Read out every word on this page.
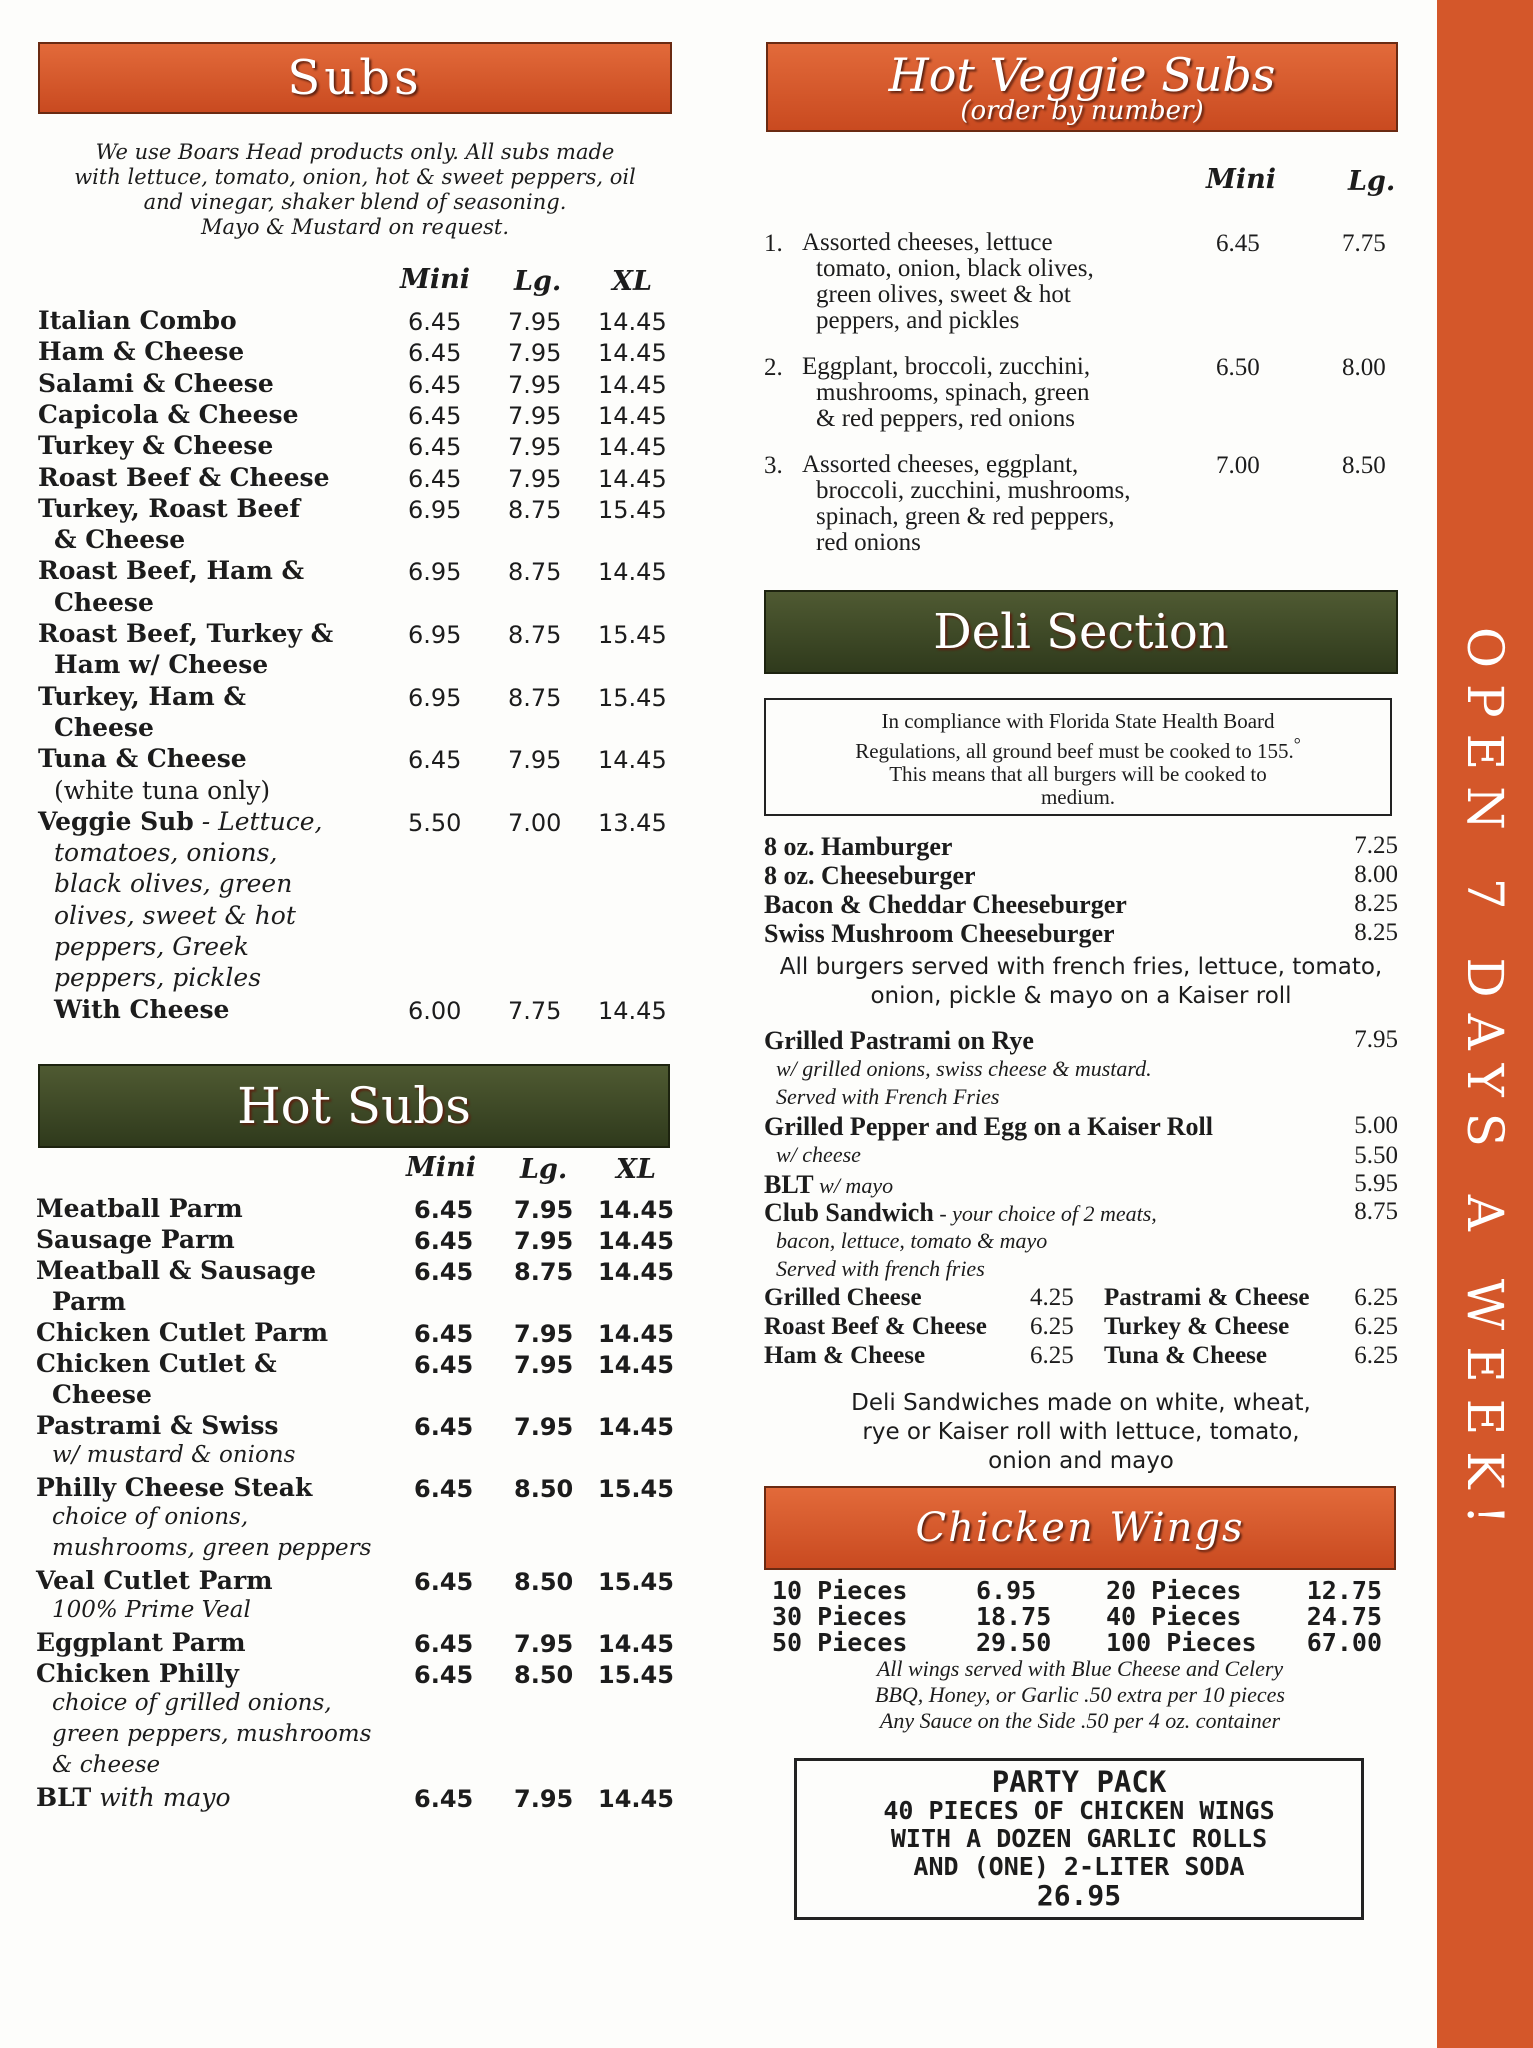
OPEN 7 DAYS A WEEK!
Subs
We use Boars Head products only. All subs made
with lettuce, tomato, onion, hot & sweet peppers, oil
and vinegar, shaker blend of seasoning.
Mayo & Mustard on request.
Mini Lg. XL
Italian Combo	6.45 7.95 14.45
Ham & Cheese	6.45 7.95 14.45
Salami & Cheese	6.45 7.95 14.45
Capicola & Cheese	6.45 7.95 14.45
Turkey & Cheese	6.45 7.95 14.45
Roast Beef & Cheese	6.45 7.95 14.45
Turkey, Roast Beef	6.95 8.75 15.45
& Cheese
Roast Beef, Ham &	6.95 8.75 14.45
Cheese
Roast Beef, Turkey &	6.95 8.75 15.45
Ham w/ Cheese
Turkey, Ham &	6.95 8.75 15.45
Cheese
Tuna & Cheese	6.45 7.95 14.45
(white tuna only)
Veggie Sub - Lettuce,	5.50 7.00 13.45
tomatoes, onions,
black olives, green
olives, sweet & hot
peppers, Greek
peppers, pickles
With Cheese	6.00 7.75 14.45
Hot Subs
Mini Lg. XL
Meatball Parm	6.45 7.95 14.45
Sausage Parm	6.45 7.95 14.45
Meatball & Sausage	6.45 8.75 14.45
Parm
Chicken Cutlet Parm	6.45 7.95 14.45
Chicken Cutlet &	6.45 7.95 14.45
Cheese
Pastrami & Swiss	6.45 7.95 14.45
w/ mustard & onions
Philly Cheese Steak	6.45 8.50 15.45
choice of onions,
mushrooms, green peppers
Veal Cutlet Parm	6.45 8.50 15.45
100% Prime Veal
Eggplant Parm	6.45 7.95 14.45
Chicken Philly	6.45 8.50 15.45
choice of grilled onions,
green peppers, mushrooms
& cheese
BLT with mayo	6.45 7.95 14.45
Hot Veggie Subs
(order by number)
Mini	Lg.
1. Assorted cheeses, lettuce
tomato, onion, black olives,
green olives, sweet & hot
peppers, and pickles
6.45	7.75
2. Eggplant, broccoli, zucchini,
mushrooms, spinach, green
& red peppers, red onions
6.50	8.00
3. Assorted cheeses, eggplant,
broccoli, zucchini, mushrooms,
spinach, green & red peppers,
red onions
7.00	8.50
Deli Section
In compliance with Florida State Health Board
Regulations, all ground beef must be cooked to 155.°
This means that all burgers will be cooked to
medium.
8 oz. Hamburger	7.25
8 oz. Cheeseburger	8.00
Bacon & Cheddar Cheeseburger	8.25
Swiss Mushroom Cheeseburger	8.25
All burgers served with french fries, lettuce, tomato,
onion, pickle & mayo on a Kaiser roll
Grilled Pastrami on Rye	7.95
w/ grilled onions, swiss cheese & mustard.
Served with French Fries
Grilled Pepper and Egg on a Kaiser Roll	5.00
w/ cheese	5.50
BLT w/ mayo	5.95
Club Sandwich - your choice of 2 meats,	8.75
bacon, lettuce, tomato & mayo
Served with french fries
Grilled Cheese	4.25
Roast Beef & Cheese 6.25
Ham & Cheese	6.25
Pastrami & Cheese 6.25
Turkey & Cheese	6.25
Tuna & Cheese	6.25
Deli Sandwiches made on white, wheat,
rye or Kaiser roll with lettuce, tomato,
onion and mayo
Chicken Wings
10 Pieces	6.95
30 Pieces	18.75
50 Pieces	29.50
20 Pieces	12.75
40 Pieces	24.75
100 Pieces 67.00
All wings served with Blue Cheese and Celery
BBQ, Honey, or Garlic .50 extra per 10 pieces
Any Sauce on the Side .50 per 4 oz. container
PARTY PACK
40 PIECES OF CHICKEN WINGS
WITH A DOZEN GARLIC ROLLS
AND (ONE) 2-LITER SODA
26.95
